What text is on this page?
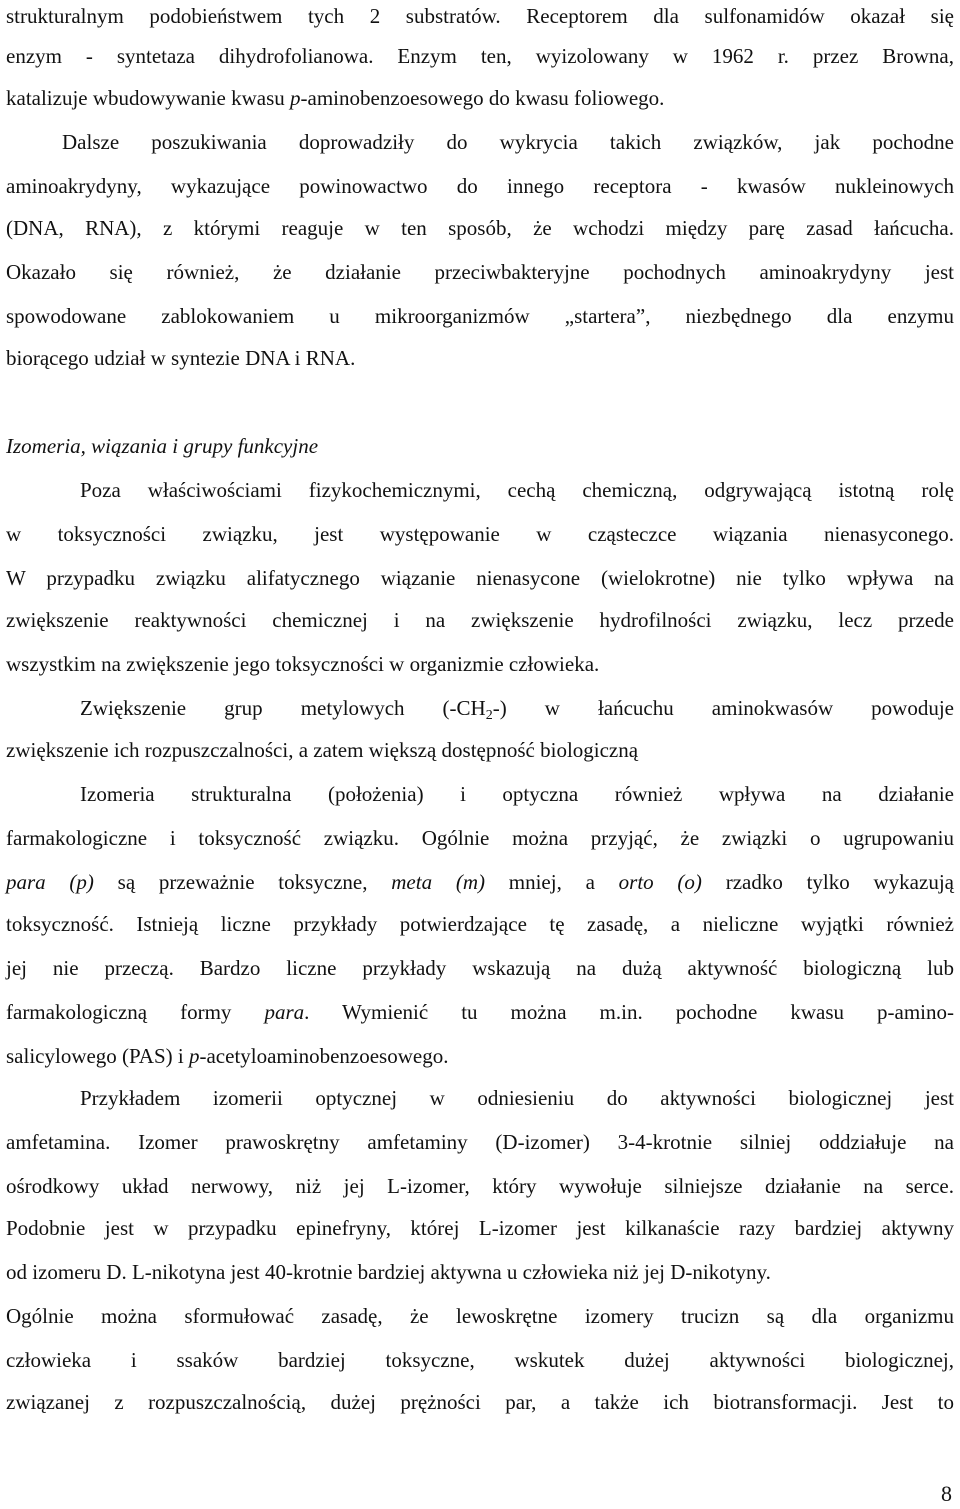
strukturalnym podobieństwem tych 2 substratów. Receptorem dla sulfonamidów okazał się
enzym - syntetaza dihydrofolianowa. Enzym ten, wyizolowany w 1962 r. przez Browna,
katalizuje wbudowywanie kwasu p-aminobenzoesowego do kwasu foliowego.
Dalsze poszukiwania doprowadziły do wykrycia takich związków, jak pochodne
aminoakrydyny, wykazujące powinowactwo do innego receptora - kwasów nukleinowych
(DNA, RNA), z którymi reaguje w ten sposób, że wchodzi między parę zasad łańcucha.
Okazało się również, że działanie przeciwbakteryjne pochodnych aminoakrydyny jest
spowodowane zablokowaniem u mikroorganizmów „startera”, niezbędnego dla enzymu
biorącego udział w syntezie DNA i RNA.
Izomeria, wiązania i grupy funkcyjne
Poza właściwościami fizykochemicznymi, cechą chemiczną, odgrywającą istotną rolę
w toksyczności związku, jest występowanie w cząsteczce wiązania nienasyconego.
W przypadku związku alifatycznego wiązanie nienasycone (wielokrotne) nie tylko wpływa na
zwiększenie reaktywności chemicznej i na zwiększenie hydrofilności związku, lecz przede
wszystkim na zwiększenie jego toksyczności w organizmie człowieka.
Zwiększenie grup metylowych $(-CH_2-)$ w łańcuchu aminokwasów powoduje
zwiększenie ich rozpuszczalności, a zatem większą dostępność biologiczną
Izomeria strukturalna (położenia) i optyczna również wpływa na działanie
farmakologiczne i toksyczność związku. Ogólnie można przyjąć, że związki o ugrupowaniu
para (p) są przeważnie toksyczne, meta (m) mniej, a orto (o) rzadko tylko wykazują
toksyczność. Istnieją liczne przykłady potwierdzające tę zasadę, a nieliczne wyjątki również
jej nie przeczą. Bardzo liczne przykłady wskazują na dużą aktywność biologiczną lub
farmakologiczną formy para. Wymienić tu można m.in. pochodne kwasu p-amino-
salicylowego (PAS) i p-acetyloaminobenzoesowego.
Przykładem izomerii optycznej w odniesieniu do aktywności biologicznej jest
amfetamina. Izomer prawoskrętny amfetaminy (D-izomer) 3-4-krotnie silniej oddziałuje na
ośrodkowy układ nerwowy, niż jej L-izomer, który wywołuje silniejsze działanie na serce.
Podobnie jest w przypadku epinefryny, której L-izomer jest kilkanaście razy bardziej aktywny
od izomeru D. L-nikotyna jest 40-krotnie bardziej aktywna u człowieka niż jej D-nikotyny.
Ogólnie można sformułować zasadę, że lewoskrętne izomery trucizn są dla organizmu
człowieka i ssaków bardziej toksyczne, wskutek dużej aktywności biologicznej,
związanej z rozpuszczalnością, dużej prężności par, a także ich biotransformacji. Jest to
8
